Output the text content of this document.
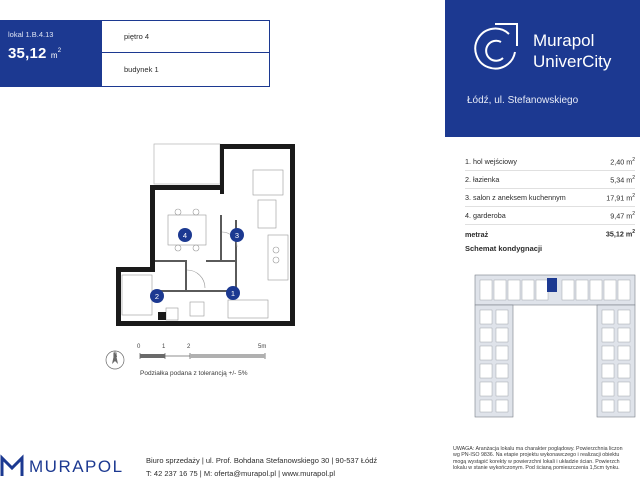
lokal 1.B.4.13
35,12 $m^2$
piętro 4
budynek 1
Murapol
UniverCity
Łódź, ul. Stefanowskiego
1. hol wejściowy	2,40 $m^2$
2. łazienka	5,34 $m^2$
3. salon z aneksem kuchennym	17,91 $m^2$
4. garderoba	9,47 $m^2$
metraż	35,12 $m^2$
Schemat kondygnacji
4	3
2	1
N
0	1	2	5m
Podziałka podana z tolerancją +/- 5%
UWAGA: Aranżacja lokalu ma charakter poglądowy. Powierzchnia liczon
wg PN-ISO 9836. Na etapie projektu wykonawczego i realizacji obiektu
mogą wystąpić korekty w powierzchni lokali i układzie ścian. Powierzch
lokalu w stanie wykończonym. Pod ścianą pomieszczenia 1,5cm tynku.
MURAPOL	Biuro sprzedaży | ul. Prof. Bohdana Stefanowskiego 30 | 90-537 Łódź
T: 42 237 16 75 | M: oferta@murapol.pl | www.murapol.pl
